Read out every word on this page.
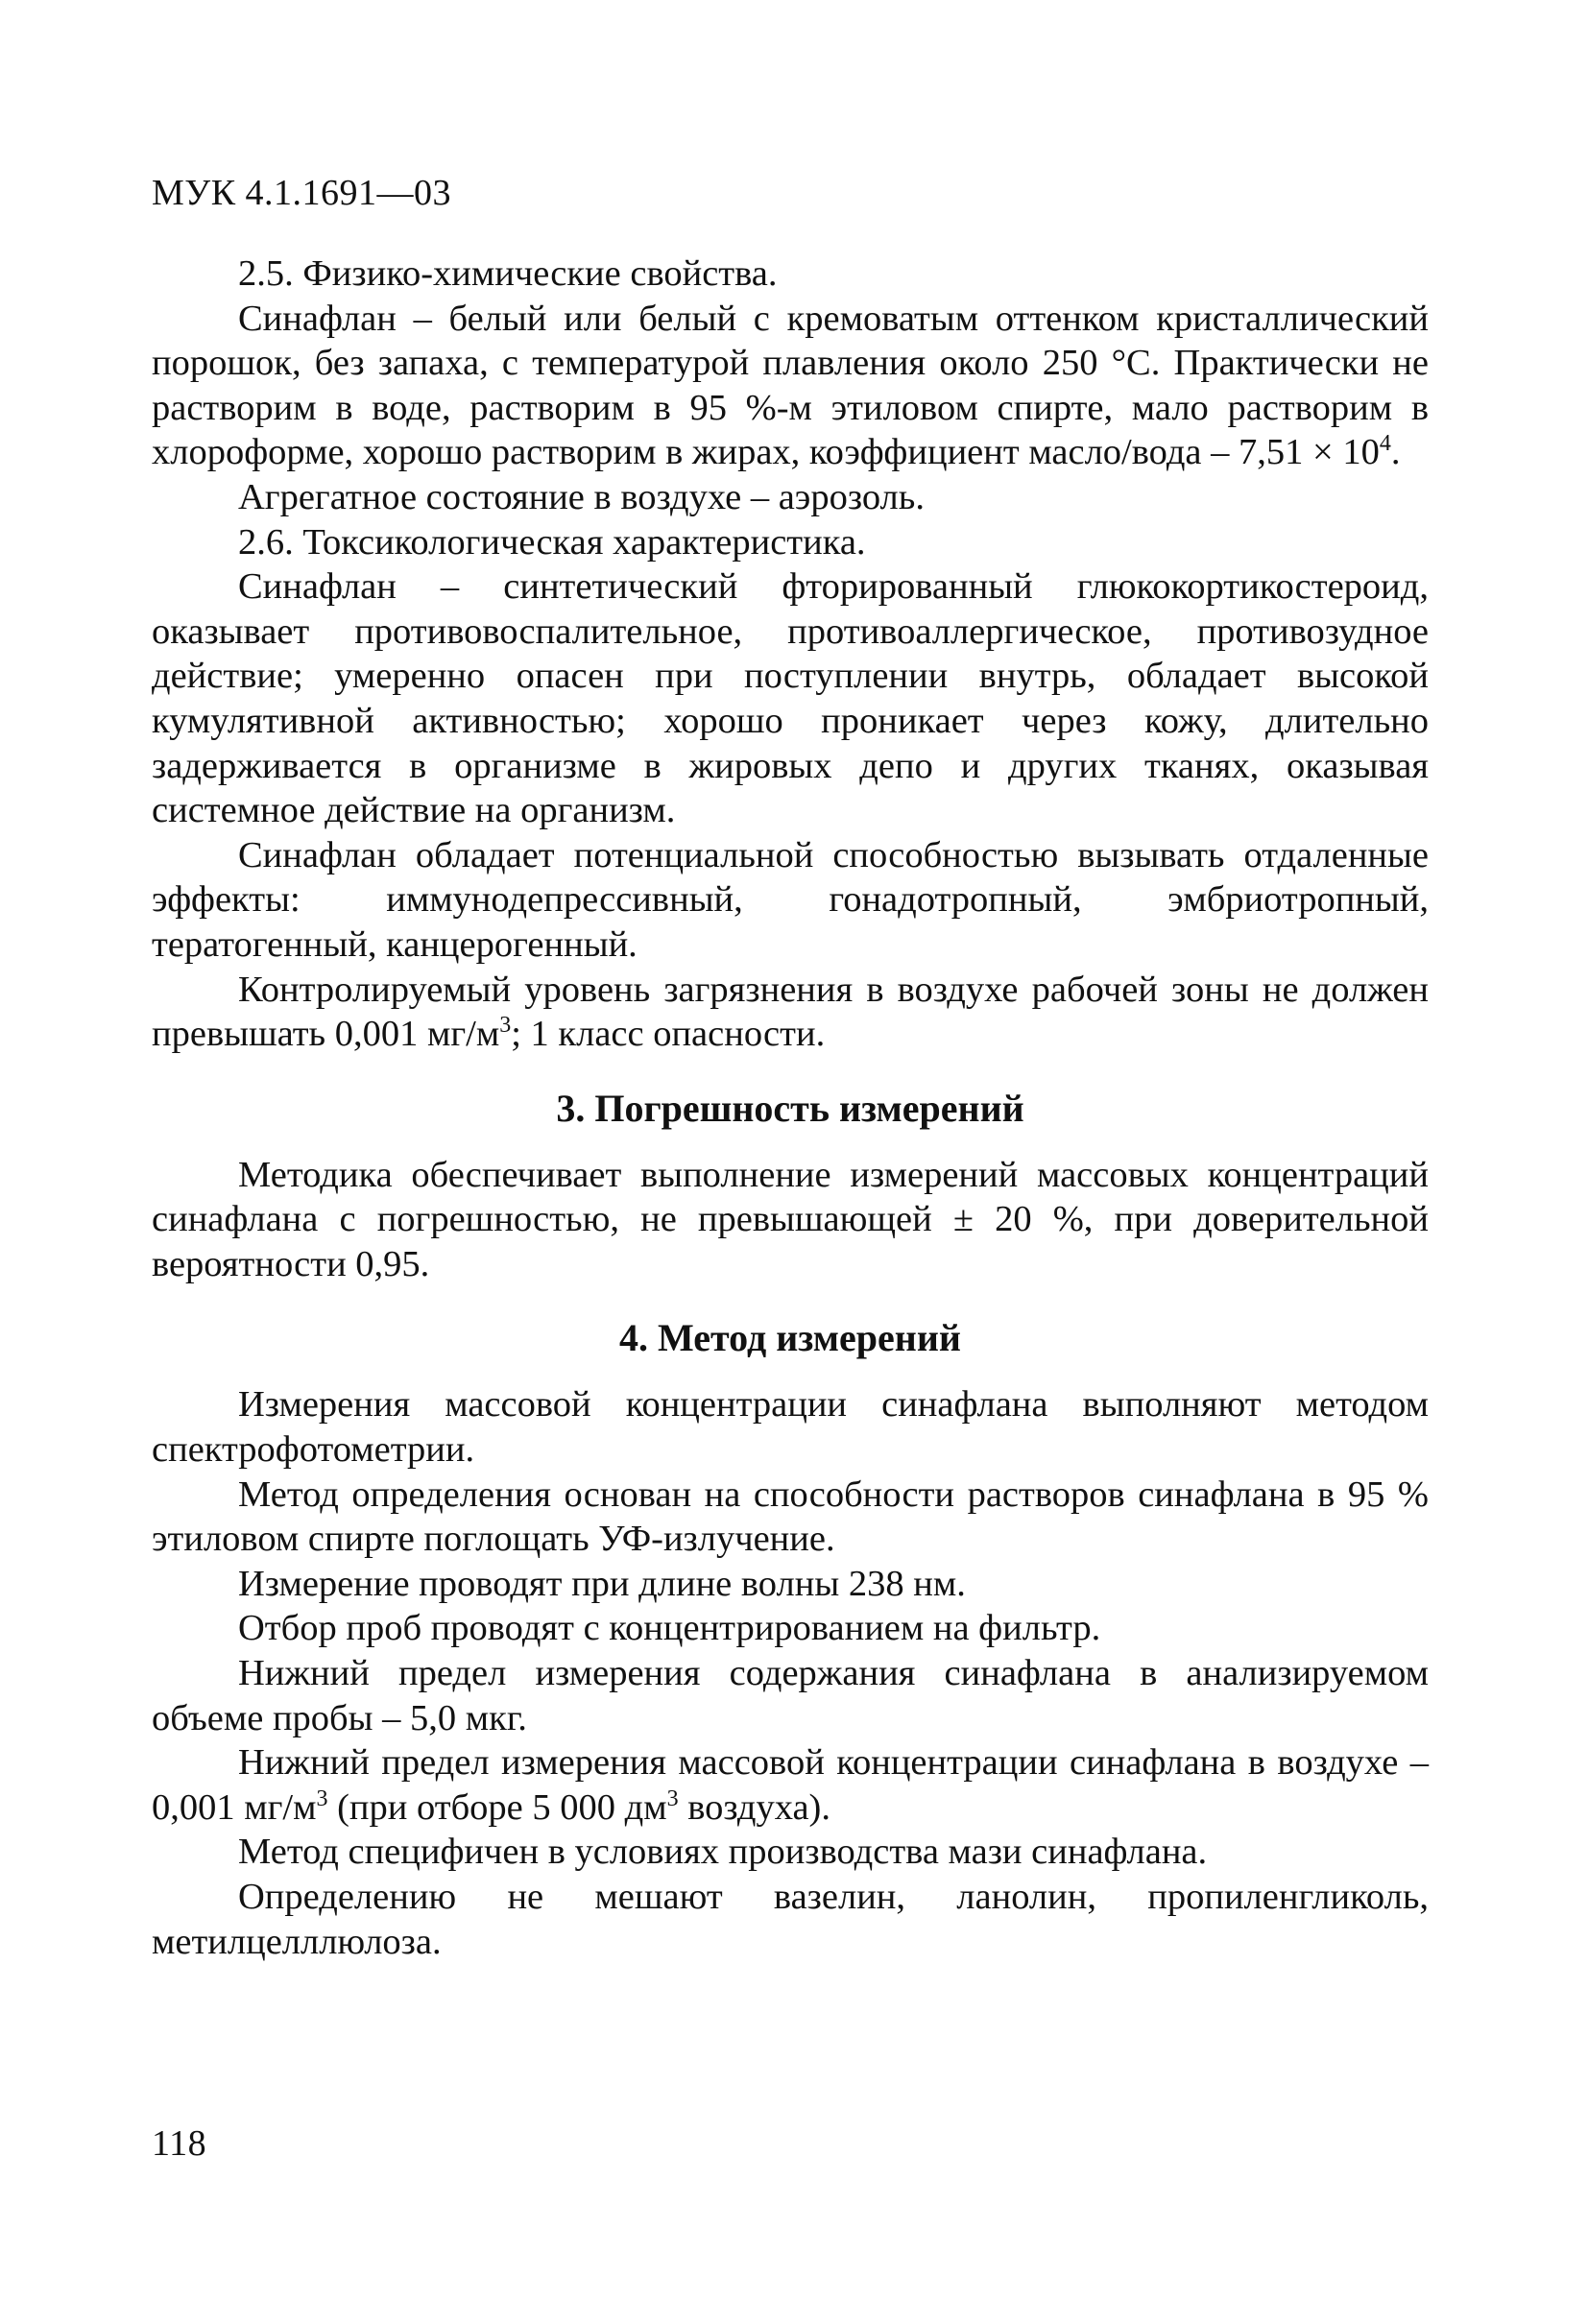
МУК 4.1.1691—03

2.5. Физико-химические свойства.

Синафлан – белый или белый с кремоватым оттенком кристаллический порошок, без запаха, с температурой плавления около 250 °С. Практически не растворим в воде, растворим в 95 %-м этиловом спирте, мало растворим в хлороформе, хорошо растворим в жирах, коэффициент масло/вода – $7,51 \times 10^4$.

Агрегатное состояние в воздухе – аэрозоль.

2.6. Токсикологическая характеристика.

Синафлан – синтетический фторированный глюкокортикостероид, оказывает противовоспалительное, противоаллергическое, противозудное действие; умеренно опасен при поступлении внутрь, обладает высокой кумулятивной активностью; хорошо проникает через кожу, длительно задерживается в организме в жировых депо и других тканях, оказывая системное действие на организм.

Синафлан обладает потенциальной способностью вызывать отдаленные эффекты: иммунодепрессивный, гонадотропный, эмбриотропный, тератогенный, канцерогенный.

Контролируемый уровень загрязнения в воздухе рабочей зоны не должен превышать 0,001 $мг/м^3$; 1 класс опасности.

3. Погрешность измерений

Методика обеспечивает выполнение измерений массовых концентраций синафлана с погрешностью, не превышающей ± 20 %, при доверительной вероятности 0,95.

4. Метод измерений

Измерения массовой концентрации синафлана выполняют методом спектрофотометрии.

Метод определения основан на способности растворов синафлана в 95 % этиловом спирте поглощать УФ-излучение.

Измерение проводят при длине волны 238 нм.

Отбор проб проводят с концентрированием на фильтр.

Нижний предел измерения содержания синафлана в анализируемом объеме пробы – 5,0 мкг.

Нижний предел измерения массовой концентрации синафлана в воздухе – 0,001 $мг/м^3$ (при отборе 5 000 $дм^3$ воздуха).

Метод специфичен в условиях производства мази синафлана.

Определению не мешают вазелин, ланолин, пропиленгликоль, метилцелллюлоза.

118
